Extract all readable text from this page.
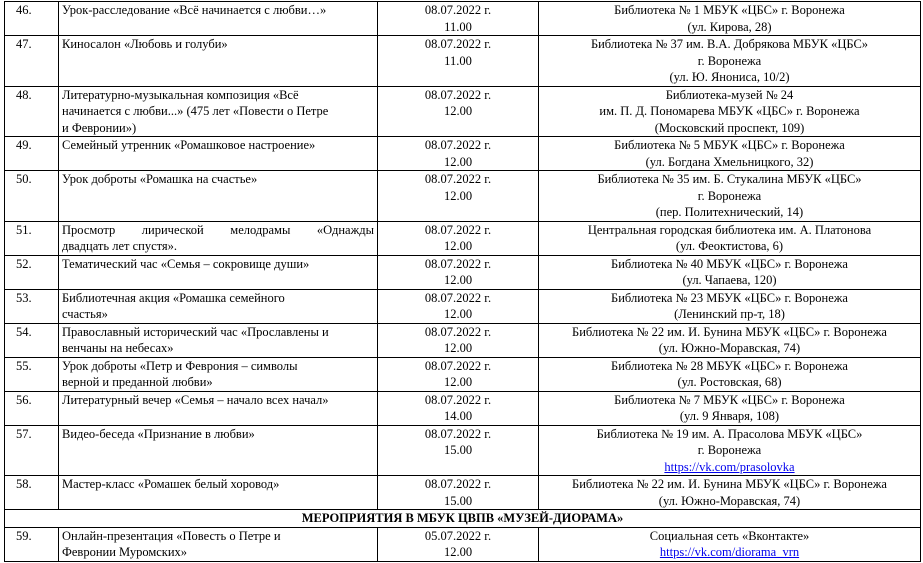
46.	Урок-расследование «Всё начинается с любви…»	08.07.2022 г.
11.00	Библиотека № 1 МБУК «ЦБС» г. Воронежа
(ул. Кирова, 28)

47.	Киносалон «Любовь и голуби»	08.07.2022 г.
11.00	Библиотека № 37 им. В.А. Добрякова МБУК «ЦБС»
г. Воронежа
(ул. Ю. Янониса, 10/2)

48.	Литературно-музыкальная композиция «Всё
начинается с любви...» (475 лет «Повести о Петре
и Февронии»)	08.07.2022 г.
12.00	Библиотека-музей № 24
им. П. Д. Пономарева МБУК «ЦБС» г. Воронежа
(Московский проспект, 109)

49.	Семейный утренник «Ромашковое настроение»	08.07.2022 г.
12.00	Библиотека № 5 МБУК «ЦБС» г. Воронежа
(ул. Богдана Хмельницкого, 32)

50.	Урок доброты «Ромашка на счастье»	08.07.2022 г.
12.00	Библиотека № 35 им. Б. Стукалина МБУК «ЦБС»
г. Воронежа
(пер. Политехнический, 14)

51.	Просмотр лирической мелодрамы «Однажды
двадцать лет спустя».	08.07.2022 г.
12.00	Центральная городская библиотека им. А. Платонова
(ул. Феоктистова, 6)

52.	Тематический час «Семья – сокровище души»	08.07.2022 г.
12.00	Библиотека № 40 МБУК «ЦБС» г. Воронежа
(ул. Чапаева, 120)

53.	Библиотечная акция «Ромашка семейного
счастья»	08.07.2022 г.
12.00	Библиотека № 23 МБУК «ЦБС» г. Воронежа
(Ленинский пр-т, 18)

54.	Православный исторический час «Прославлены и
венчаны на небесах»	08.07.2022 г.
12.00	Библиотека № 22 им. И. Бунина МБУК «ЦБС» г. Воронежа
(ул. Южно-Моравская, 74)

55.	Урок доброты «Петр и Феврония – символы
верной и преданной любви»	08.07.2022 г.
12.00	Библиотека № 28 МБУК «ЦБС» г. Воронежа
(ул. Ростовская, 68)

56.	Литературный вечер «Семья – начало всех начал»	08.07.2022 г.
14.00	Библиотека № 7 МБУК «ЦБС» г. Воронежа
(ул. 9 Января, 108)

57.	Видео-беседа «Признание в любви»	08.07.2022 г.
15.00	Библиотека № 19 им. А. Прасолова МБУК «ЦБС»
г. Воронежа
https://vk.com/prasolovka
58.	Мастер-класс «Ромашек белый хоровод»	08.07.2022 г.
15.00	Библиотека № 22 им. И. Бунина МБУК «ЦБС» г. Воронежа
(ул. Южно-Моравская, 74)

МЕРОПРИЯТИЯ В МБУК ЦВПВ «МУЗЕЙ-ДИОРАМА»			
59.	Онлайн-презентация «Повесть о Петре и
Февронии Муромских»	05.07.2022 г.
12.00	Социальная сеть «Вконтакте»
https://vk.com/diorama_vrn
